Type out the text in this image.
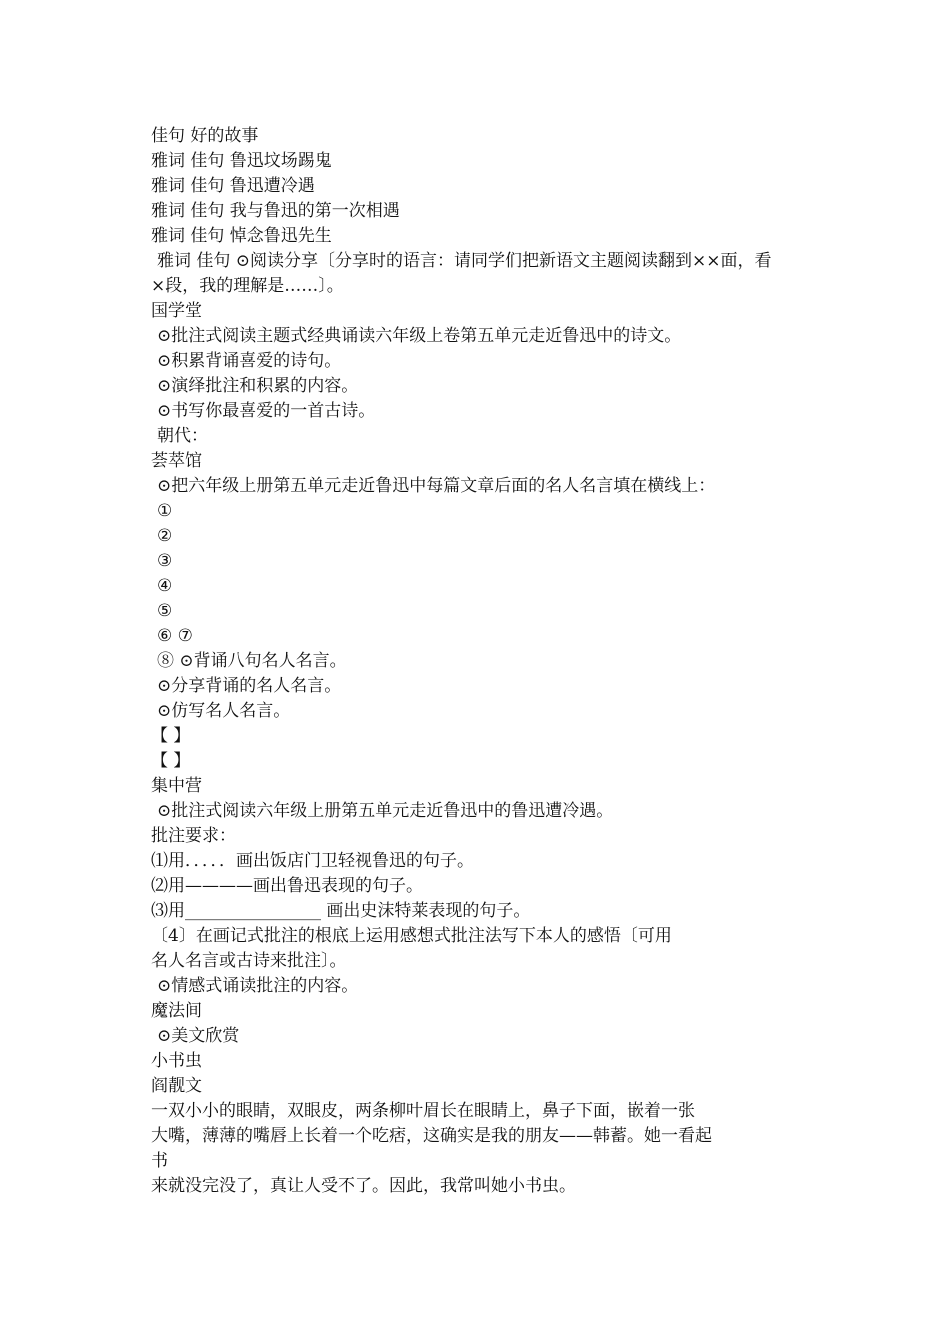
佳句 好的故事
雅词 佳句 鲁迅坟场踢鬼
雅词 佳句 鲁迅遭冷遇
雅词 佳句 我与鲁迅的第一次相遇
雅词 佳句 悼念鲁迅先生
雅词 佳句 ⊙阅读分享〔分享时的语言：请同学们把新语文主题阅读翻到××面，看
×段，我的理解是……〕。
国学堂
⊙批注式阅读主题式经典诵读六年级上卷第五单元走近鲁迅中的诗文。
⊙积累背诵喜爱的诗句。
⊙演绎批注和积累的内容。
⊙书写你最喜爱的一首古诗。
朝代：
荟萃馆
⊙把六年级上册第五单元走近鲁迅中每篇文章后面的名人名言填在横线上：
①
②
③
④
⑤
⑥ ⑦
⑧ ⊙背诵八句名人名言。
⊙分享背诵的名人名言。
⊙仿写名人名言。
【 】
【 】
集中营
⊙批注式阅读六年级上册第五单元走近鲁迅中的鲁迅遭冷遇。
批注要求：
⑴用．．．．．画出饭店门卫轻视鲁迅的句子。
⑵用————画出鲁迅表现的句子。
⑶用________________ 画出史沫特莱表现的句子。
〔4〕在画记式批注的根底上运用感想式批注法写下本人的感悟〔可用
名人名言或古诗来批注〕。
⊙情感式诵读批注的内容。
魔法间
⊙美文欣赏
小书虫
阎靓文
一双小小的眼睛，双眼皮，两条柳叶眉长在眼睛上，鼻子下面，嵌着一张
大嘴，薄薄的嘴唇上长着一个吃痞，这确实是我的朋友——韩蓄。她一看起
书
来就没完没了，真让人受不了。因此，我常叫她小书虫。
